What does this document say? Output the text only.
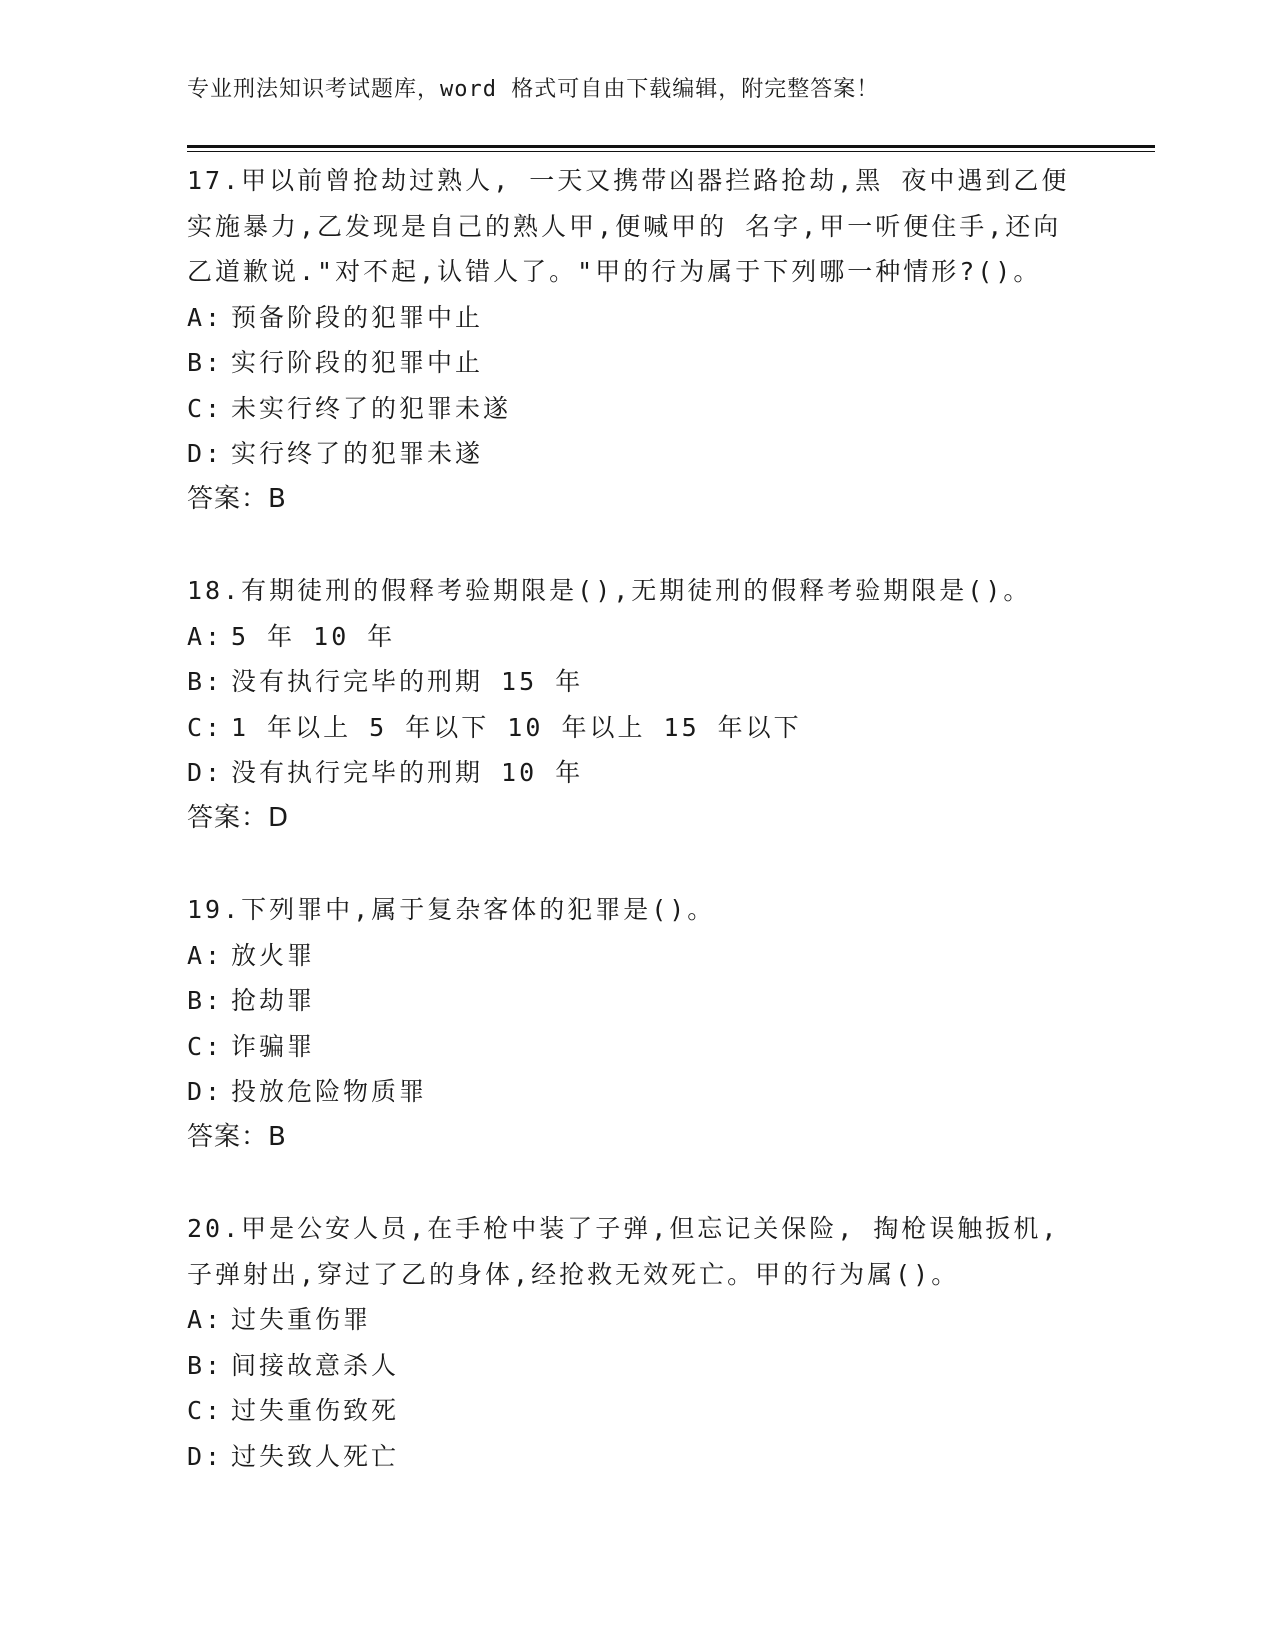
专业刑法知识考试题库，word 格式可自由下载编辑，附完整答案！
17.甲以前曾抢劫过熟人, 一天又携带凶器拦路抢劫,黑 夜中遇到乙便
实施暴力,乙发现是自己的熟人甲,便喊甲的 名字,甲一听便住手,还向
乙道歉说."对不起,认错人了。"甲的行为属于下列哪一种情形?()。
A: 预备阶段的犯罪中止
B: 实行阶段的犯罪中止
C: 未实行终了的犯罪未遂
D: 实行终了的犯罪未遂
答案：B
18.有期徒刑的假释考验期限是(),无期徒刑的假释考验期限是()。
A: 5 年 10 年
B: 没有执行完毕的刑期 15 年
C: 1 年以上 5 年以下 10 年以上 15 年以下
D: 没有执行完毕的刑期 10 年
答案：D
19.下列罪中,属于复杂客体的犯罪是()。
A: 放火罪
B: 抢劫罪
C: 诈骗罪
D: 投放危险物质罪
答案：B
20.甲是公安人员,在手枪中装了子弹,但忘记关保险, 掏枪误触扳机,
子弹射出,穿过了乙的身体,经抢救无效死亡。甲的行为属()。
A: 过失重伤罪
B: 间接故意杀人
C: 过失重伤致死
D: 过失致人死亡
